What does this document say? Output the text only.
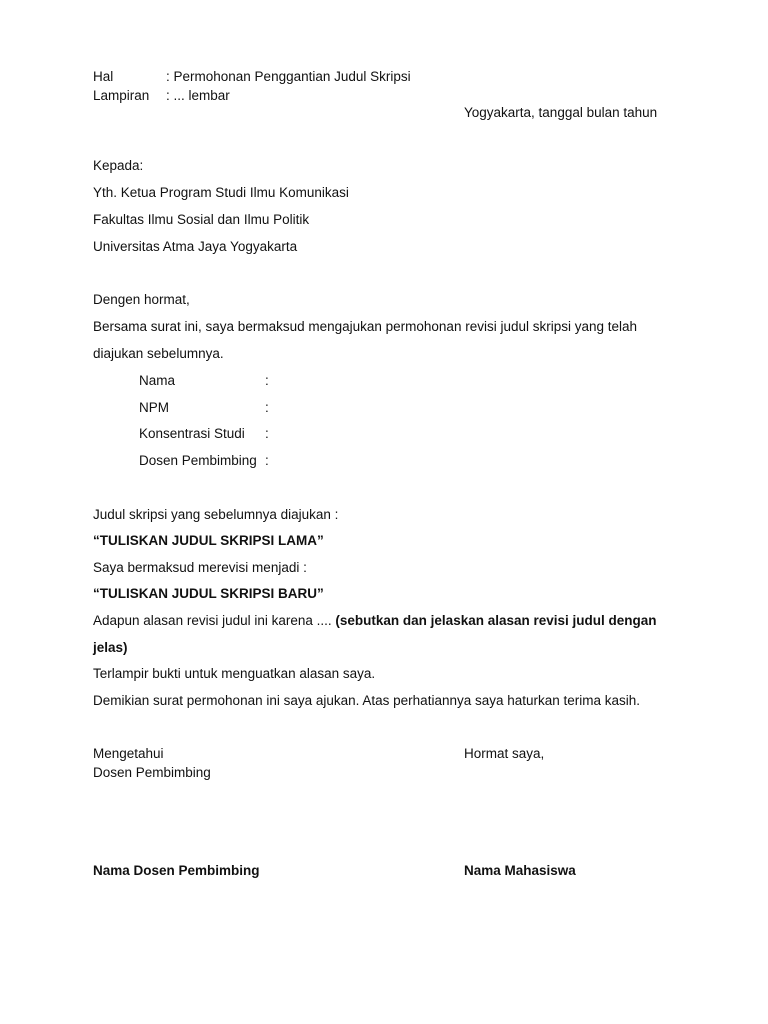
Hal	: Permohonan Penggantian Judul Skripsi
Lampiran : ... lembar
Yogyakarta, tanggal bulan tahun
Kepada:
Yth. Ketua Program Studi Ilmu Komunikasi
Fakultas Ilmu Sosial dan Ilmu Politik
Universitas Atma Jaya Yogyakarta
Dengen hormat,
Bersama surat ini, saya bermaksud mengajukan permohonan revisi judul skripsi yang telah
diajukan sebelumnya.
Nama	:
NPM	:
Konsentrasi Studi :
Dosen Pembimbing :
Judul skripsi yang sebelumnya diajukan :
“TULISKAN JUDUL SKRIPSI LAMA”
Saya bermaksud merevisi menjadi :
“TULISKAN JUDUL SKRIPSI BARU”
Adapun alasan revisi judul ini karena .... (sebutkan dan jelaskan alasan revisi judul dengan
jelas)
Terlampir bukti untuk menguatkan alasan saya.
Demikian surat permohonan ini saya ajukan. Atas perhatiannya saya haturkan terima kasih.
Mengetahui
Dosen Pembimbing
Hormat saya,
Nama Dosen Pembimbing	Nama Mahasiswa
